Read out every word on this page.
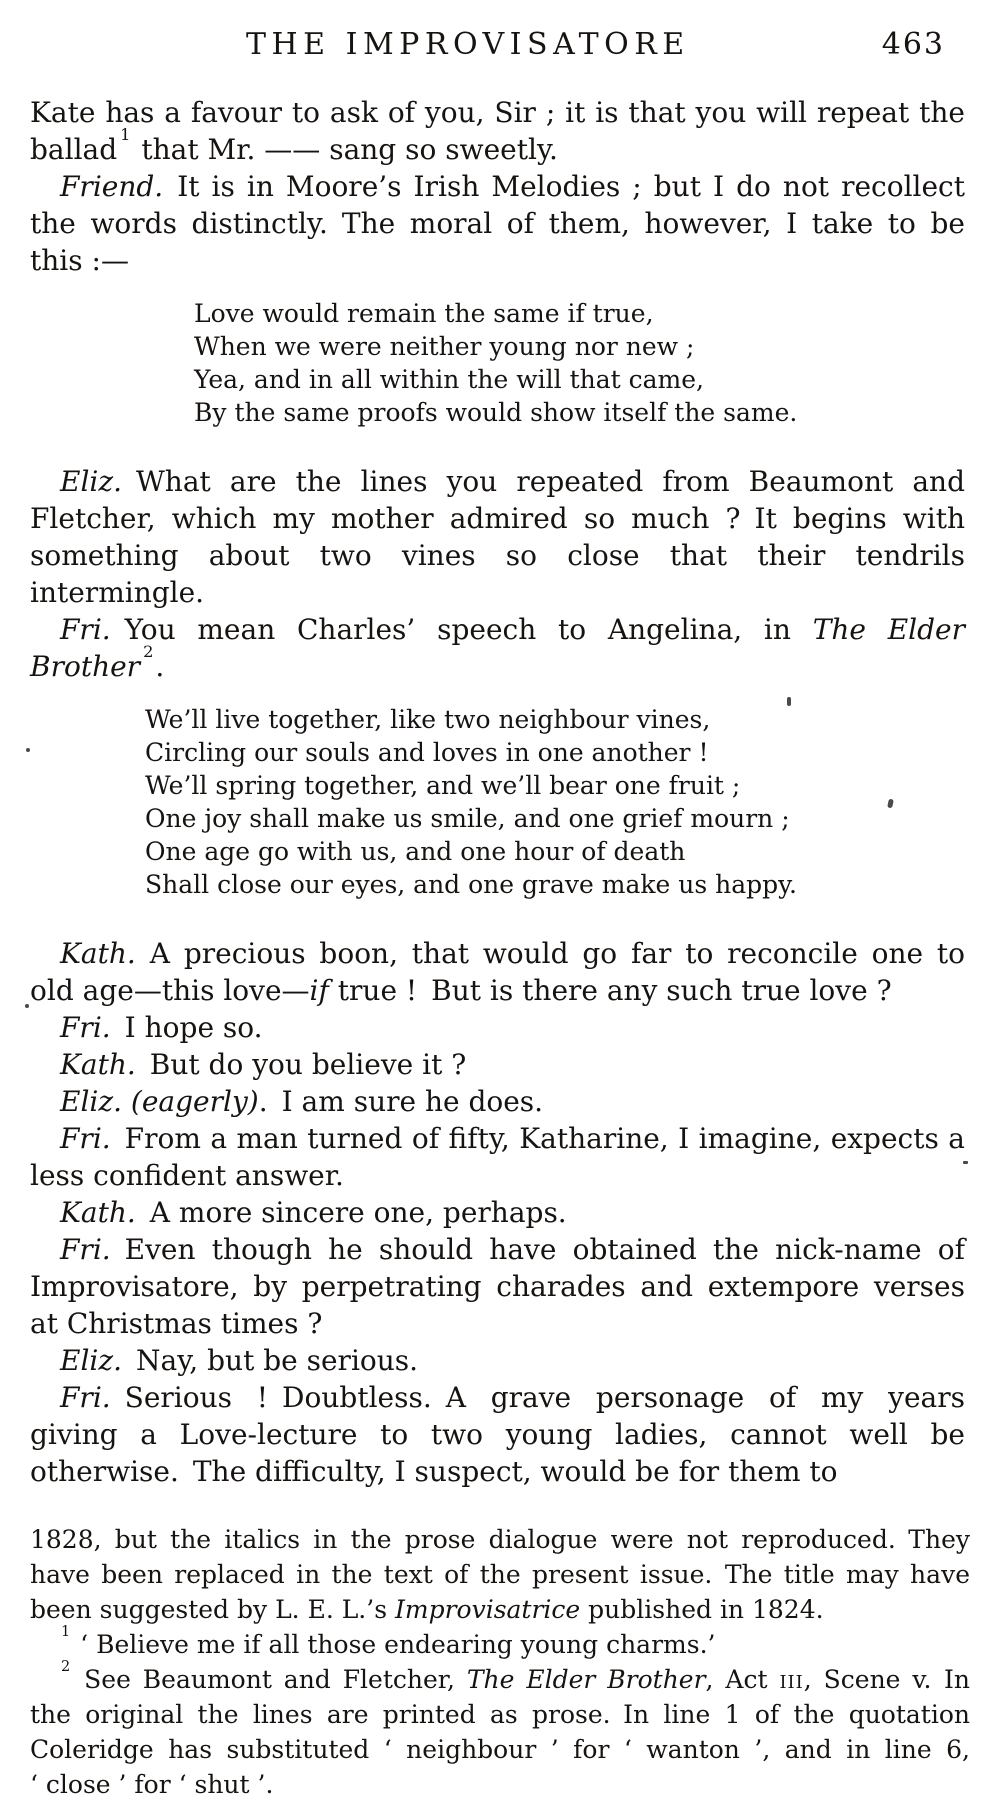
THE IMPROVISATORE	463

Kate has a favour to ask of you, Sir ; it is that you will repeat the ballad $^1$ that Mr. —— sang so sweetly.

Friend. It is in Moore’s Irish Melodies ; but I do not recollect the words distinctly. The moral of them, however, I take to be this :—

Love would remain the same if true,
When we were neither young nor new ;
Yea, and in all within the will that came,
By the same proofs would show itself the same.

Eliz. What are the lines you repeated from Beaumont and Fletcher, which my mother admired so much ? It begins with something about two vines so close that their tendrils intermingle.

Fri. You mean Charles’ speech to Angelina, in The Elder Brother $^2$.

We’ll live together, like two neighbour vines,
Circling our souls and loves in one another !
We’ll spring together, and we’ll bear one fruit ;
One joy shall make us smile, and one grief mourn ;
One age go with us, and one hour of death
Shall close our eyes, and one grave make us happy.

Kath. A precious boon, that would go far to reconcile one to old age—this love—if true ! But is there any such true love ?

Fri. I hope so.

Kath. But do you believe it ?

Eliz. (eagerly). I am sure he does.

Fri. From a man turned of fifty, Katharine, I imagine, expects a less confident answer.

Kath. A more sincere one, perhaps.

Fri. Even though he should have obtained the nick-name of Improvisatore, by perpetrating charades and extempore verses at Christmas times ?

Eliz. Nay, but be serious.

Fri. Serious ! Doubtless. A grave personage of my years giving a Love-lecture to two young ladies, cannot well be otherwise. The difficulty, I suspect, would be for them to

1828, but the italics in the prose dialogue were not reproduced. They have been replaced in the text of the present issue. The title may have been suggested by L. E. L.’s Improvisatrice published in 1824.

$^1$ ‘ Believe me if all those endearing young charms.’

$^2$ See Beaumont and Fletcher, The Elder Brother, Act iii, Scene v. In the original the lines are printed as prose. In line 1 of the quotation Coleridge has substituted ‘ neighbour ’ for ‘ wanton ’, and in line 6, ‘ close ’ for ‘ shut ’.
